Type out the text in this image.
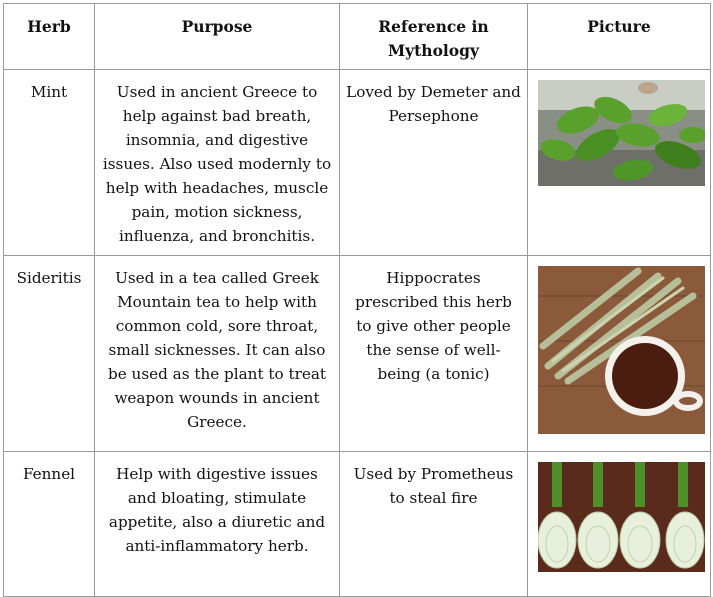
Herb	Purpose	Reference in Mythology	Picture
Mint	Used in ancient Greece to help against bad breath, insomnia, and digestive issues. Also used modernly to help with headaches, muscle pain, motion sickness, influenza, and bronchitis.	Loved by Demeter and Persephone	

Sideritis	Used in a tea called Greek Mountain tea to help with common cold, sore throat, small sicknesses. It can also be used as the plant to treat weapon wounds in ancient Greece.	Hippocrates prescribed this herb to give other people the sense of well-being (a tonic)	

Fennel	Help with digestive issues and bloating, stimulate appetite, also a diuretic and anti-inflammatory herb.	Used by Prometheus to steal fire	
